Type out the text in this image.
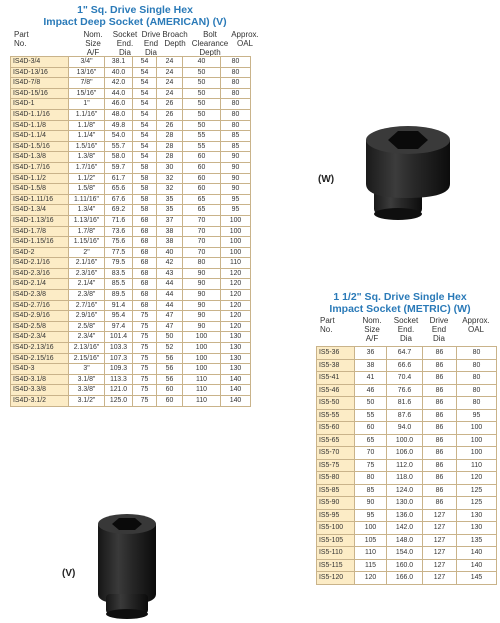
1" Sq. Drive Single Hex
Impact Deep Socket (AMERICAN) (V)
Part
No.
Nom.
Size
A/F
Socket
End.
Dia
Drive
End
Dia
Broach
Depth
Bolt
Clearance
Depth
Approx.
OAL
IS4D-3/4	3/4"	38.1	54	24	40	80
IS4D-13/16	13/16"	40.0	54	24	50	80
IS4D-7/8	7/8"	42.0	54	24	50	80
IS4D-15/16	15/16"	44.0	54	24	50	80
IS4D-1	1"	46.0	54	26	50	80
IS4D-1.1/16	1.1/16"	48.0	54	26	50	80
IS4D-1.1/8	1.1/8"	49.8	54	26	50	80
IS4D-1.1/4	1.1/4"	54.0	54	28	55	85
IS4D-1.5/16	1.5/16"	55.7	54	28	55	85
IS4D-1.3/8	1.3/8"	58.0	54	28	60	90
IS4D-1.7/16	1.7/16"	59.7	58	30	60	90
IS4D-1.1/2	1.1/2"	61.7	58	32	60	90
IS4D-1.5/8	1.5/8"	65.6	58	32	60	90
IS4D-1.11/16	1.11/16"	67.6	58	35	65	95
IS4D-1.3/4	1.3/4"	69.2	58	35	65	95
IS4D-1.13/16	1.13/16"	71.6	68	37	70	100
IS4D-1.7/8	1.7/8"	73.6	68	38	70	100
IS4D-1.15/16	1.15/16"	75.6	68	38	70	100
IS4D-2	2"	77.5	68	40	70	100
IS4D-2.1/16	2.1/16"	79.5	68	42	80	110
IS4D-2.3/16	2.3/16"	83.5	68	43	90	120
IS4D-2.1/4	2.1/4"	85.5	68	44	90	120
IS4D-2.3/8	2.3/8"	89.5	68	44	90	120
IS4D-2.7/16	2.7/16"	91.4	68	44	90	120
IS4D-2.9/16	2.9/16"	95.4	75	47	90	120
IS4D-2.5/8	2.5/8"	97.4	75	47	90	120
IS4D-2.3/4	2.3/4"	101.4	75	50	100	130
IS4D-2.13/16	2.13/16"	103.3	75	52	100	130
IS4D-2.15/16	2.15/16"	107.3	75	56	100	130
IS4D-3	3"	109.3	75	56	100	130
IS4D-3.1/8	3.1/8"	113.3	75	56	110	140
IS4D-3.3/8	3.3/8"	121.0	75	60	110	140
IS4D-3.1/2	3.1/2"	125.0	75	60	110	140
(W)
1 1/2" Sq. Drive Single Hex
Impact Socket (METRIC) (W)
Part
No.
Nom.
Size
A/F
Socket
End.
Dia
Drive
End
Dia
Approx.
OAL
IS5-36	36	64.7	86	80
IS5-38	38	66.6	86	80
IS5-41	41	70.4	86	80
IS5-46	46	76.6	86	80
IS5-50	50	81.6	86	80
IS5-55	55	87.6	86	95
IS5-60	60	94.0	86	100
IS5-65	65	100.0	86	100
IS5-70	70	106.0	86	100
IS5-75	75	112.0	86	110
IS5-80	80	118.0	86	120
IS5-85	85	124.0	86	125
IS5-90	90	130.0	86	125
IS5-95	95	136.0	127	130
IS5-100	100	142.0	127	130
IS5-105	105	148.0	127	135
IS5-110	110	154.0	127	140
IS5-115	115	160.0	127	140
IS5-120	120	166.0	127	145
(V)
